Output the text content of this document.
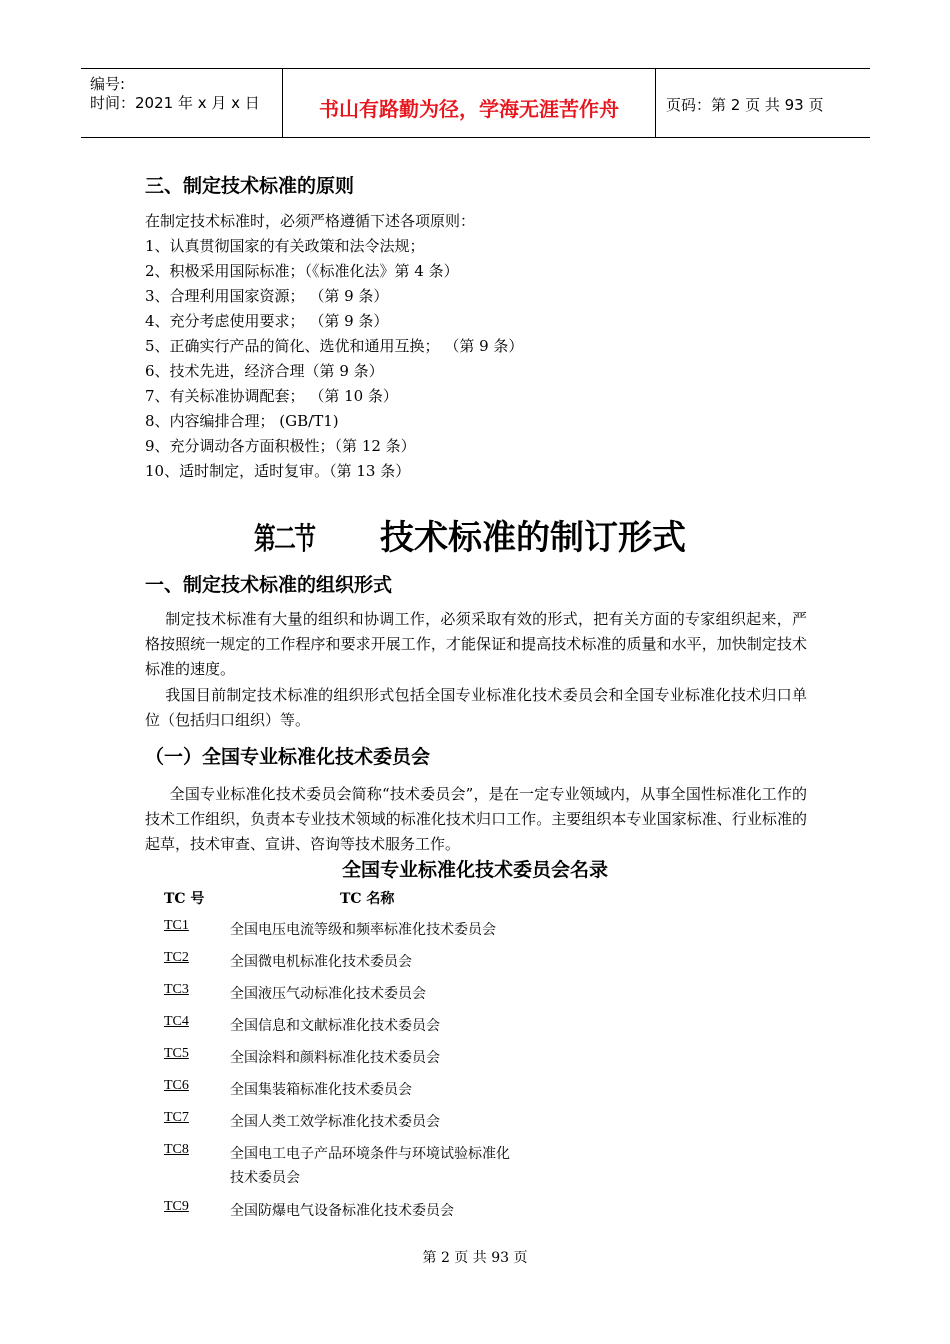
编号:
时间：2021 年 x 月 x 日	书山有路勤为径，学海无涯苦作舟	页码：第 2 页 共 93 页
三、制定技术标准的原则
在制定技术标准时，必须严格遵循下述各项原则：
1、认真贯彻国家的有关政策和法令法规；
2、积极采用国际标准；（《标准化法》第 4 条）
3、合理利用国家资源； （第 9 条）
4、充分考虑使用要求； （第 9 条）
5、正确实行产品的简化、选优和通用互换； （第 9 条）
6、技术先进，经济合理（第 9 条）
7、有关标准协调配套； （第 10 条）
8、内容编排合理； (GB/T1)
9、充分调动各方面积极性；（第 12 条）
10、适时制定，适时复审。（第 13 条）
第二节 技术标准的制订形式
一、制定技术标准的组织形式
制定技术标准有大量的组织和协调工作，必须采取有效的形式，把有关方面的专家组织起来，严格按照统一规定的工作程序和要求开展工作，才能保证和提高技术标准的质量和水平，加快制定技术标准的速度。
我国目前制定技术标准的组织形式包括全国专业标准化技术委员会和全国专业标准化技术归口单位（包括归口组织）等。
（一）全国专业标准化技术委员会
全国专业标准化技术委员会简称“技术委员会”，是在一定专业领域内，从事全国性标准化工作的技术工作组织，负责本专业技术领域的标准化技术归口工作。主要组织本专业国家标准、行业标准的起草，技术审查、宣讲、咨询等技术服务工作。
全国专业标准化技术委员会名录
TC 号	TC 名称
TC1	全国电压电流等级和频率标准化技术委员会
TC2	全国微电机标准化技术委员会
TC3	全国液压气动标准化技术委员会
TC4	全国信息和文献标准化技术委员会
TC5	全国涂料和颜料标准化技术委员会
TC6	全国集装箱标准化技术委员会
TC7	全国人类工效学标准化技术委员会
TC8	全国电工电子产品环境条件与环境试验标准化技术委员会
TC9	全国防爆电气设备标准化技术委员会
第 2 页 共 93 页
